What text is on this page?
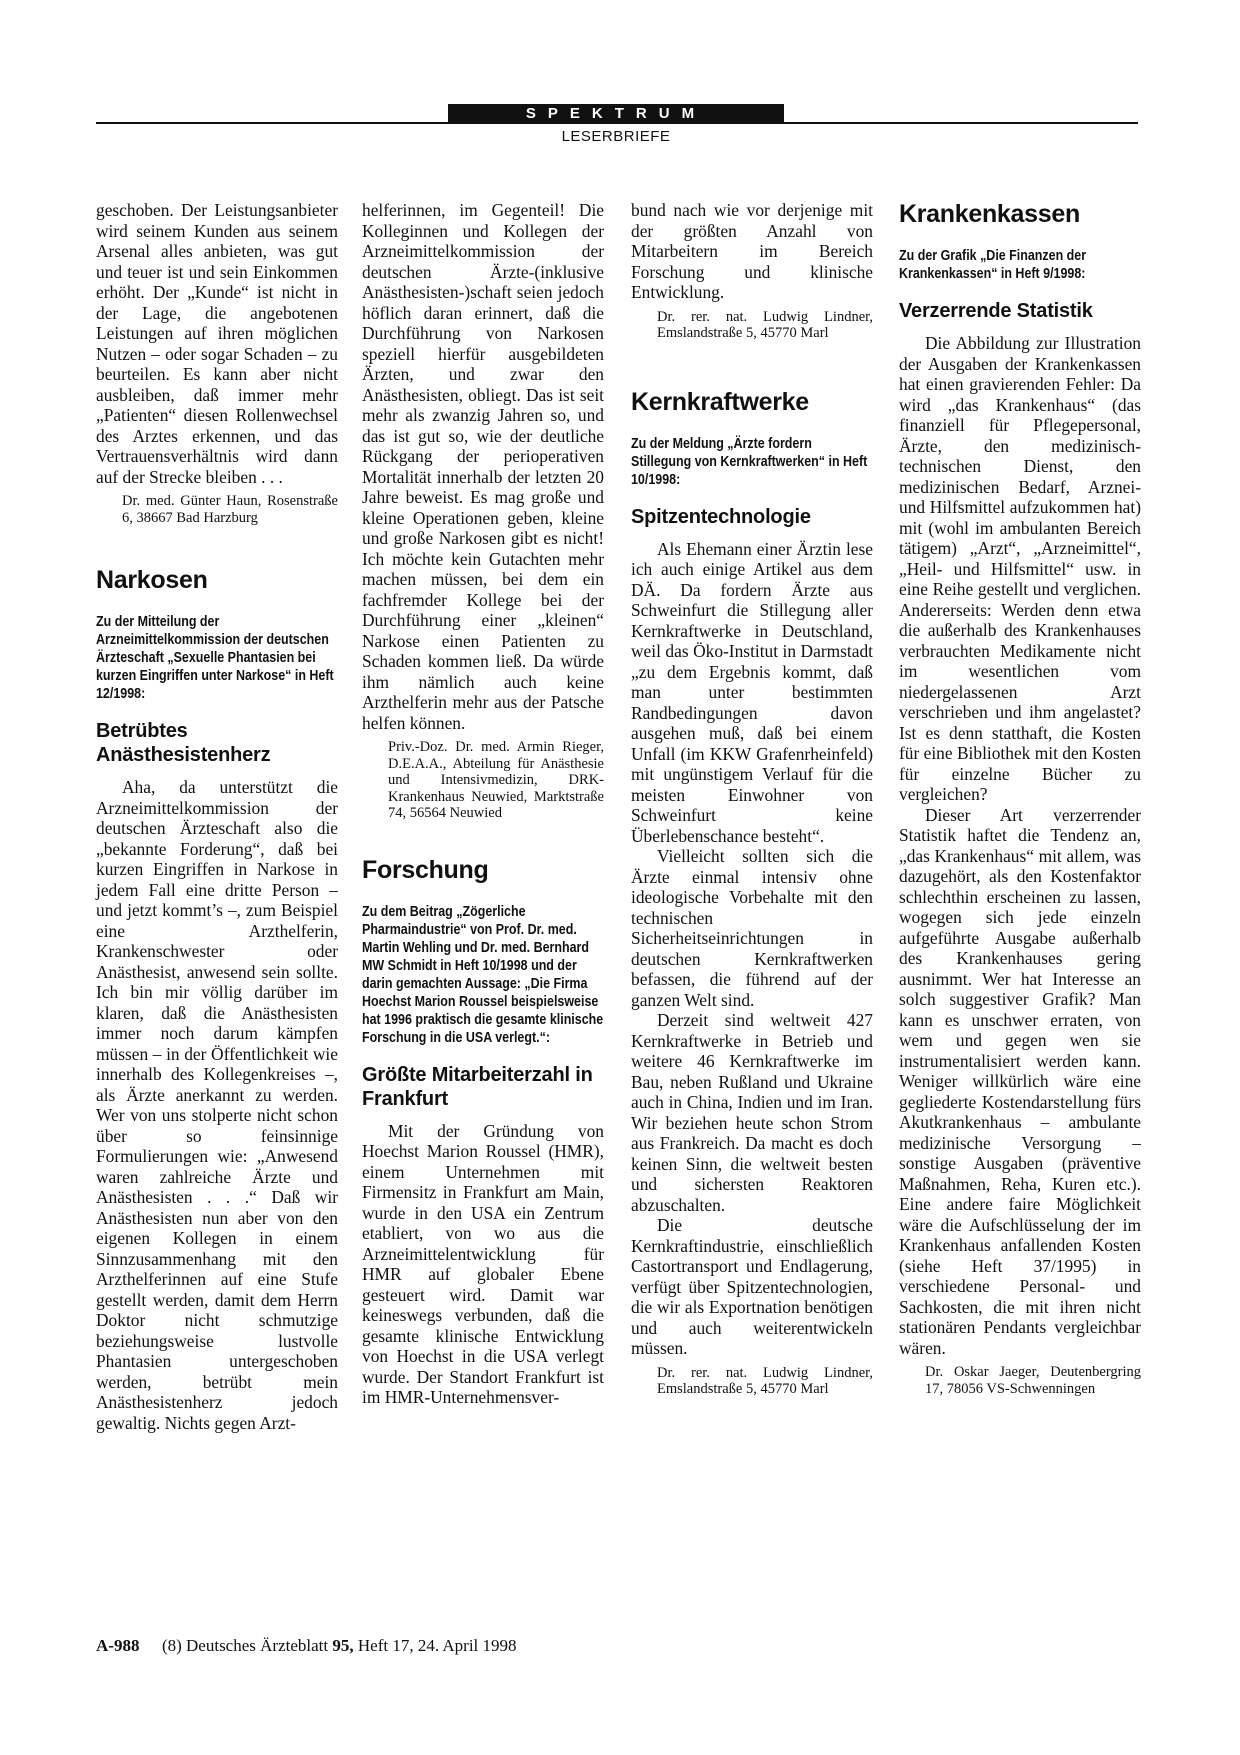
SPEKTRUM
LESERBRIEFE

geschoben. Der Leistungsanbieter wird seinem Kunden aus seinem Arsenal alles anbieten, was gut und teuer ist und sein Einkommen erhöht. Der „Kunde“ ist nicht in der Lage, die angebotenen Leistungen auf ihren möglichen Nutzen – oder sogar Schaden – zu beurteilen. Es kann aber nicht ausbleiben, daß immer mehr „Patienten“ diesen Rollenwechsel des Arztes erkennen, und das Vertrauensverhältnis wird dann auf der Strecke bleiben . . .

Dr. med. Günter Haun, Rosenstraße 6, 38667 Bad Harzburg

Narkosen

Zu der Mitteilung der Arzneimittelkommission der deutschen Ärzteschaft „Sexuelle Phantasien bei kurzen Eingriffen unter Narkose“ in Heft 12/1998:

Betrübtes Anästhesistenherz

Aha, da unterstützt die Arzneimittelkommission der deutschen Ärzteschaft also die „bekannte Forderung“, daß bei kurzen Eingriffen in Narkose in jedem Fall eine dritte Person – und jetzt kommt’s –, zum Beispiel eine Arzthelferin, Krankenschwester oder Anästhesist, anwesend sein sollte. Ich bin mir völlig darüber im klaren, daß die Anästhesisten immer noch darum kämpfen müssen – in der Öffentlichkeit wie innerhalb des Kollegenkreises –, als Ärzte anerkannt zu werden. Wer von uns stolperte nicht schon über so feinsinnige Formulierungen wie: „Anwesend waren zahlreiche Ärzte und Anästhesisten . . .“ Daß wir Anästhesisten nun aber von den eigenen Kollegen in einem Sinnzusammenhang mit den Arzthelferinnen auf eine Stufe gestellt werden, damit dem Herrn Doktor nicht schmutzige beziehungsweise lustvolle Phantasien untergeschoben werden, betrübt mein Anästhesistenherz jedoch gewaltig. Nichts gegen Arzt-

helferinnen, im Gegenteil! Die Kolleginnen und Kollegen der Arzneimittelkommission der deutschen Ärzte-(inklusive Anästhesisten-)schaft seien jedoch höflich daran erinnert, daß die Durchführung von Narkosen speziell hierfür ausgebildeten Ärzten, und zwar den Anästhesisten, obliegt. Das ist seit mehr als zwanzig Jahren so, und das ist gut so, wie der deutliche Rückgang der perioperativen Mortalität innerhalb der letzten 20 Jahre beweist. Es mag große und kleine Operationen geben, kleine und große Narkosen gibt es nicht! Ich möchte kein Gutachten mehr machen müssen, bei dem ein fachfremder Kollege bei der Durchführung einer „kleinen“ Narkose einen Patienten zu Schaden kommen ließ. Da würde ihm nämlich auch keine Arzthelferin mehr aus der Patsche helfen können.

Priv.-Doz. Dr. med. Armin Rieger, D.E.A.A., Abteilung für Anästhesie und Intensivmedizin, DRK-Krankenhaus Neuwied, Marktstraße 74, 56564 Neuwied

Forschung

Zu dem Beitrag „Zögerliche Pharmaindustrie“ von Prof. Dr. med. Martin Wehling und Dr. med. Bernhard MW Schmidt in Heft 10/1998 und der darin gemachten Aussage: „Die Firma Hoechst Marion Roussel beispielsweise hat 1996 praktisch die gesamte klinische Forschung in die USA verlegt.“:

Größte Mitarbeiterzahl in Frankfurt

Mit der Gründung von Hoechst Marion Roussel (HMR), einem Unternehmen mit Firmensitz in Frankfurt am Main, wurde in den USA ein Zentrum etabliert, von wo aus die Arzneimittelentwicklung für HMR auf globaler Ebene gesteuert wird. Damit war keineswegs verbunden, daß die gesamte klinische Entwicklung von Hoechst in die USA verlegt wurde. Der Standort Frankfurt ist im HMR-Unternehmensver-

bund nach wie vor derjenige mit der größten Anzahl von Mitarbeitern im Bereich Forschung und klinische Entwicklung.

Dr. rer. nat. Ludwig Lindner, Emslandstraße 5, 45770 Marl

Kernkraftwerke

Zu der Meldung „Ärzte fordern Stillegung von Kernkraftwerken“ in Heft 10/1998:

Spitzentechnologie

Als Ehemann einer Ärztin lese ich auch einige Artikel aus dem DÄ. Da fordern Ärzte aus Schweinfurt die Stillegung aller Kernkraftwerke in Deutschland, weil das Öko-Institut in Darmstadt „zu dem Ergebnis kommt, daß man unter bestimmten Randbedingungen davon ausgehen muß, daß bei einem Unfall (im KKW Grafenrheinfeld) mit ungünstigem Verlauf für die meisten Einwohner von Schweinfurt keine Überlebenschance besteht“.

Vielleicht sollten sich die Ärzte einmal intensiv ohne ideologische Vorbehalte mit den technischen Sicherheitseinrichtungen in deutschen Kernkraftwerken befassen, die führend auf der ganzen Welt sind.

Derzeit sind weltweit 427 Kernkraftwerke in Betrieb und weitere 46 Kernkraftwerke im Bau, neben Rußland und Ukraine auch in China, Indien und im Iran. Wir beziehen heute schon Strom aus Frankreich. Da macht es doch keinen Sinn, die weltweit besten und sichersten Reaktoren abzuschalten.

Die deutsche Kernkraftindustrie, einschließlich Castortransport und Endlagerung, verfügt über Spitzentechnologien, die wir als Exportnation benötigen und auch weiterentwickeln müssen.

Dr. rer. nat. Ludwig Lindner, Emslandstraße 5, 45770 Marl

Krankenkassen

Zu der Grafik „Die Finanzen der Krankenkassen“ in Heft 9/1998:

Verzerrende Statistik

Die Abbildung zur Illustration der Ausgaben der Krankenkassen hat einen gravierenden Fehler: Da wird „das Krankenhaus“ (das finanziell für Pflegepersonal, Ärzte, den medizinisch-technischen Dienst, den medizinischen Bedarf, Arznei- und Hilfsmittel aufzukommen hat) mit (wohl im ambulanten Bereich tätigem) „Arzt“, „Arzneimittel“, „Heil- und Hilfsmittel“ usw. in eine Reihe gestellt und verglichen. Andererseits: Werden denn etwa die außerhalb des Krankenhauses verbrauchten Medikamente nicht im wesentlichen vom niedergelassenen Arzt verschrieben und ihm angelastet? Ist es denn statthaft, die Kosten für eine Bibliothek mit den Kosten für einzelne Bücher zu vergleichen?

Dieser Art verzerrender Statistik haftet die Tendenz an, „das Krankenhaus“ mit allem, was dazugehört, als den Kostenfaktor schlechthin erscheinen zu lassen, wogegen sich jede einzeln aufgeführte Ausgabe außerhalb des Krankenhauses gering ausnimmt. Wer hat Interesse an solch suggestiver Grafik? Man kann es unschwer erraten, von wem und gegen wen sie instrumentalisiert werden kann. Weniger willkürlich wäre eine gegliederte Kostendarstellung fürs Akutkrankenhaus – ambulante medizinische Versorgung – sonstige Ausgaben (präventive Maßnahmen, Reha, Kuren etc.). Eine andere faire Möglichkeit wäre die Aufschlüsselung der im Krankenhaus anfallenden Kosten (siehe Heft 37/1995) in verschiedene Personal- und Sachkosten, die mit ihren nicht stationären Pendants vergleichbar wären.

Dr. Oskar Jaeger, Deutenbergring 17, 78056 VS-Schwenningen

A-988 (8) Deutsches Ärzteblatt 95, Heft 17, 24. April 1998
